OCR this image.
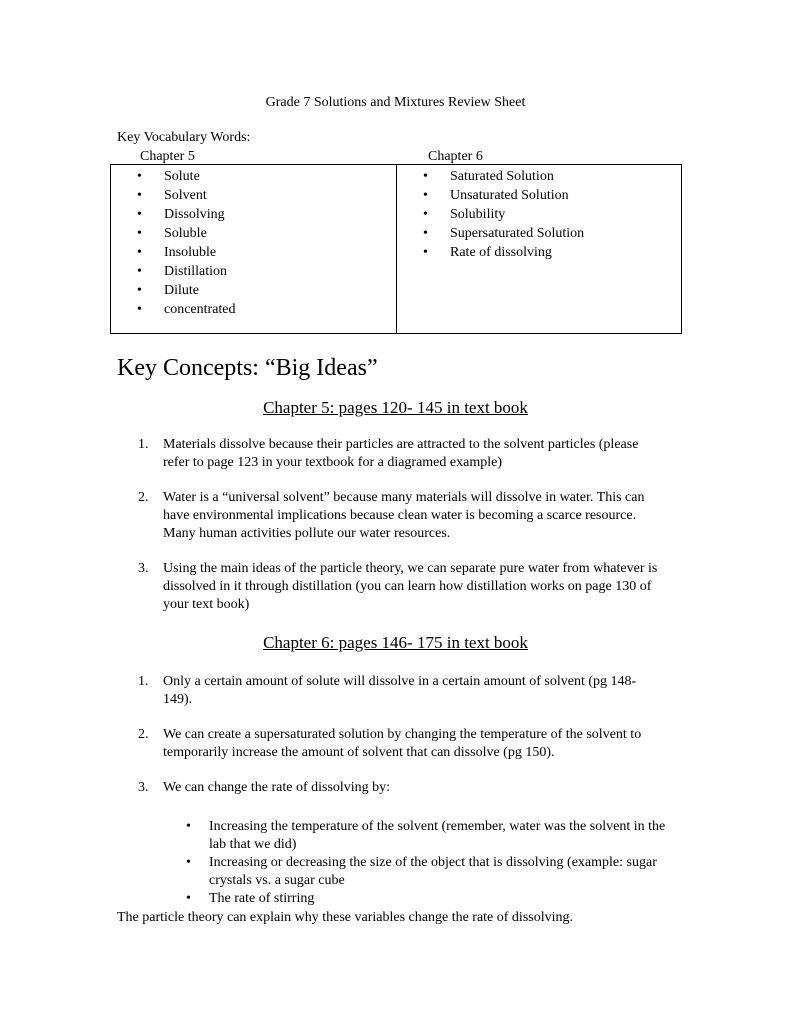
Grade 7 Solutions and Mixtures Review Sheet

Key Vocabulary Words:

Chapter 5	Chapter 6

• Solute
• Solvent
• Dissolving
• Soluble
• Insoluble
• Distillation
• Dilute
• concentrated
• Saturated Solution
• Unsaturated Solution
• Solubility
• Supersaturated Solution
• Rate of dissolving
Key Concepts: “Big Ideas”
Chapter 5: pages 120- 145 in text book
1. Materials dissolve because their particles are attracted to the solvent particles (please refer to page 123 in your textbook for a diagramed example)
2. Water is a “universal solvent” because many materials will dissolve in water. This can have environmental implications because clean water is becoming a scarce resource. Many human activities pollute our water resources.
3. Using the main ideas of the particle theory, we can separate pure water from whatever is dissolved in it through distillation (you can learn how distillation works on page 130 of your text book)
Chapter 6: pages 146- 175 in text book
1. Only a certain amount of solute will dissolve in a certain amount of solvent (pg 148- 149).
2. We can create a supersaturated solution by changing the temperature of the solvent to temporarily increase the amount of solvent that can dissolve (pg 150).
3. We can change the rate of dissolving by:
• Increasing the temperature of the solvent (remember, water was the solvent in the lab that we did)
• Increasing or decreasing the size of the object that is dissolving (example: sugar crystals vs. a sugar cube
• The rate of stirring

The particle theory can explain why these variables change the rate of dissolving.
